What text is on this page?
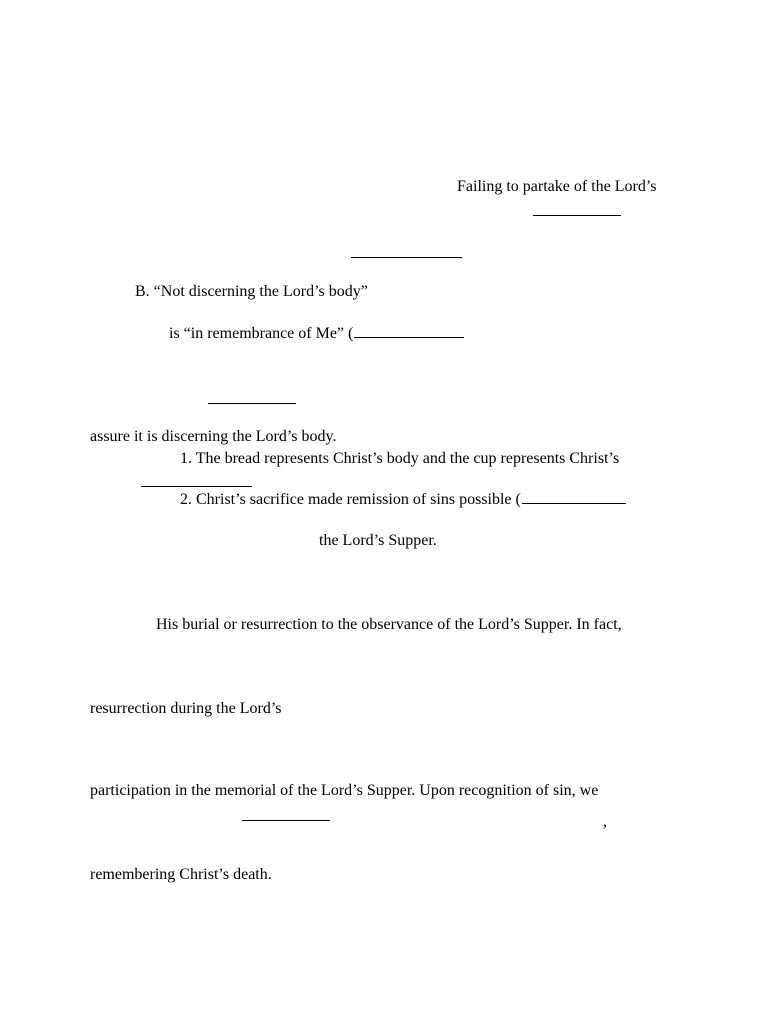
Failing to partake of the Lord’s
B. “Not discerning the Lord’s body”
is “in remembrance of Me” (
assure it is discerning the Lord’s body.
1. The bread represents Christ’s body and the cup represents Christ’s
2. Christ’s sacrifice made remission of sins possible (
the Lord’s Supper.
His burial or resurrection to the observance of the Lord’s Supper. In fact,
resurrection during the Lord’s
participation in the memorial of the Lord’s Supper. Upon recognition of sin, we
,
remembering Christ’s death.
